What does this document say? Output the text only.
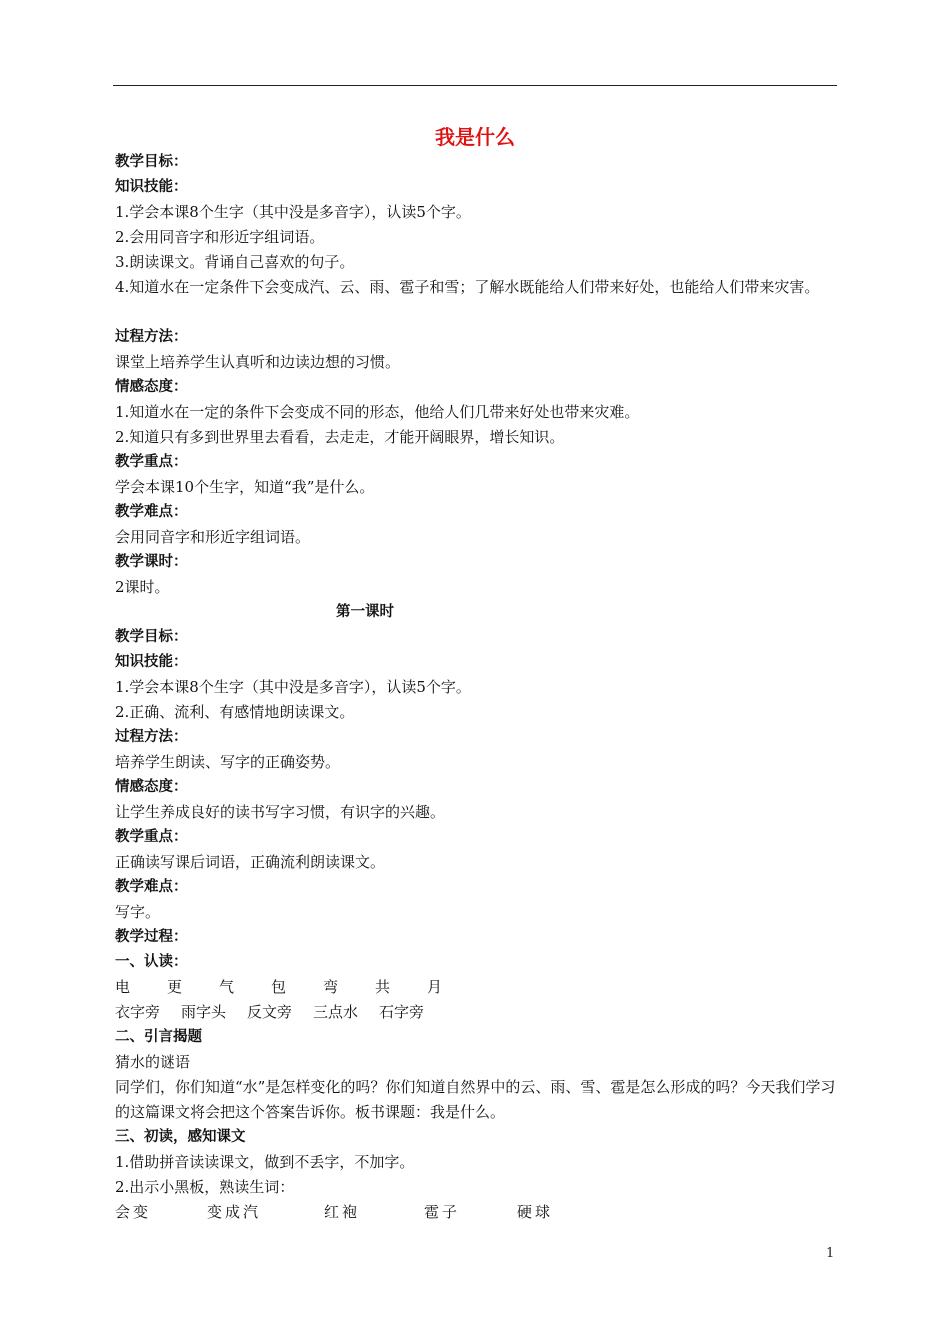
我是什么
教学目标：
知识技能：
1.学会本课8个生字（其中没是多音字），认读5个字。
2.会用同音字和形近字组词语。
3.朗读课文。背诵自己喜欢的句子。
4.知道水在一定条件下会变成汽、云、雨、雹子和雪；了解水既能给人们带来好处，也能给人们带来灾害。
过程方法：
课堂上培养学生认真听和边读边想的习惯。
情感态度：
1.知道水在一定的条件下会变成不同的形态，他给人们几带来好处也带来灾难。
2.知道只有多到世界里去看看，去走走，才能开阔眼界，增长知识。
教学重点：
学会本课10个生字，知道“我”是什么。
教学难点：
会用同音字和形近字组词语。
教学课时：
2课时。
第一课时
教学目标：
知识技能：
1.学会本课8个生字（其中没是多音字），认读5个字。
2.正确、流利、有感情地朗读课文。
过程方法：
培养学生朗读、写字的正确姿势。
情感态度：
让学生养成良好的读书写字习惯，有识字的兴趣。
教学重点：
正确读写课后词语，正确流利朗读课文。
教学难点：
写字。
教学过程：
一、认读：
电 更 气 包 弯 共 月
衣字旁 雨字头 反文旁 三点水 石字旁
二、引言揭题
猜水的谜语
同学们，你们知道“水”是怎样变化的吗？你们知道自然界中的云、雨、雪、雹是怎么形成的吗？今天我们学习的这篇课文将会把这个答案告诉你。板书课题：我是什么。
三、初读，感知课文
1.借助拼音读读课文，做到不丢字，不加字。
2.出示小黑板，熟读生词：
会变	变成汽	红袍	雹子	硬球
1
